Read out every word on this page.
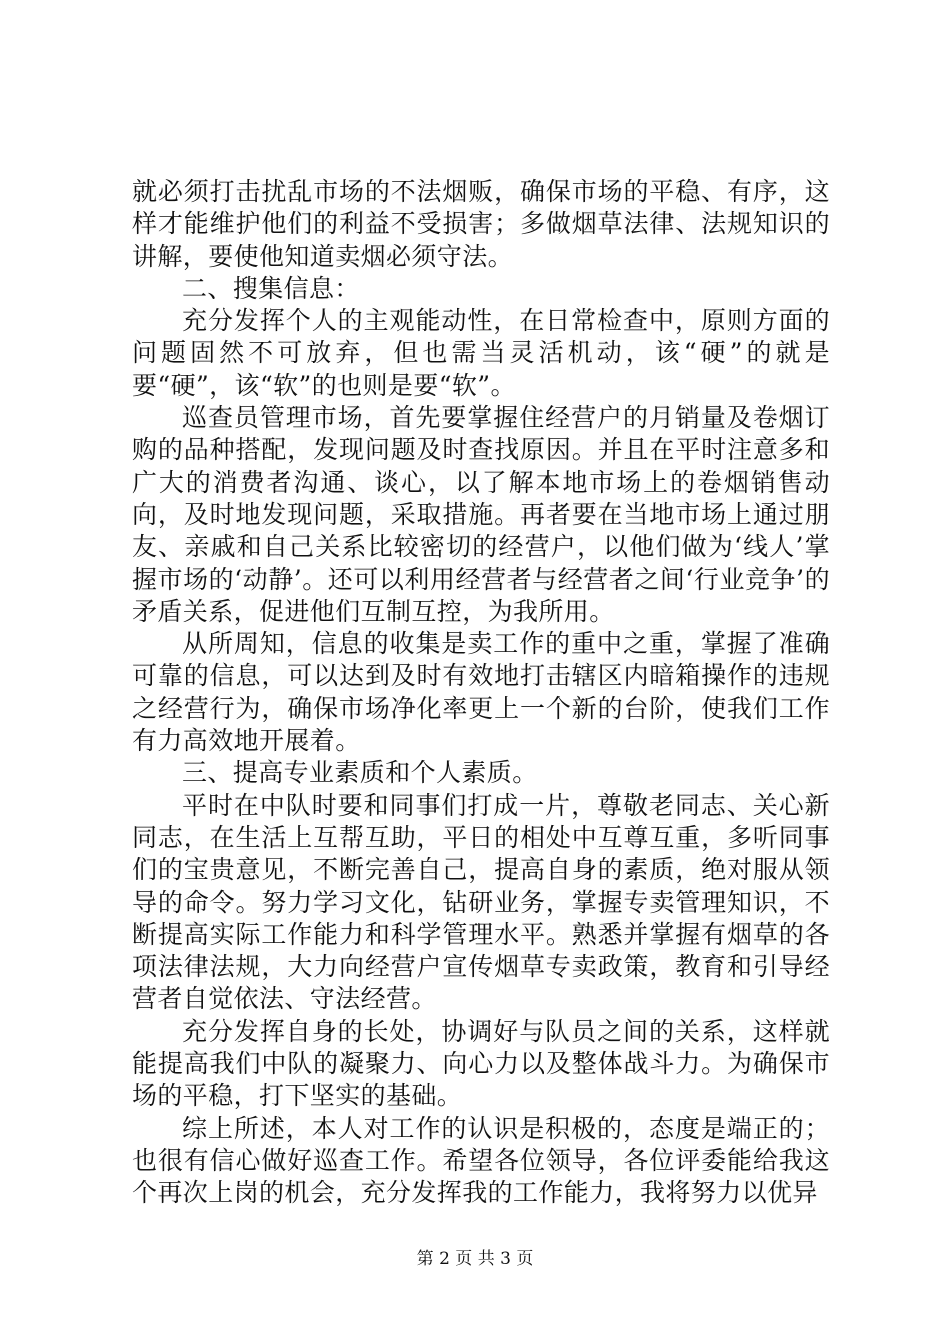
就必须打击扰乱市场的不法烟贩，确保市场的平稳、有序，这样才能维护他们的利益不受损害；多做烟草法律、法规知识的讲解，要使他知道卖烟必须守法。

二、搜集信息：

充分发挥个人的主观能动性，在日常检查中，原则方面的问题固然不可放弃，但也需当灵活机动，该“硬”的就是要“硬”，该“软”的也则是要“软”。

巡查员管理市场，首先要掌握住经营户的月销量及卷烟订购的品种搭配，发现问题及时查找原因。并且在平时注意多和广大的消费者沟通、谈心，以了解本地市场上的卷烟销售动向，及时地发现问题，采取措施。再者要在当地市场上通过朋友、亲戚和自己关系比较密切的经营户，以他们做为‘线人’掌握市场的‘动静’。还可以利用经营者与经营者之间‘行业竞争’的矛盾关系，促进他们互制互控，为我所用。

从所周知，信息的收集是卖工作的重中之重，掌握了准确可靠的信息，可以达到及时有效地打击辖区内暗箱操作的违规之经营行为，确保市场净化率更上一个新的台阶，使我们工作有力高效地开展着。

三、提高专业素质和个人素质。

平时在中队时要和同事们打成一片，尊敬老同志、关心新同志，在生活上互帮互助，平日的相处中互尊互重，多听同事们的宝贵意见，不断完善自己，提高自身的素质，绝对服从领导的命令。努力学习文化，钻研业务，掌握专卖管理知识，不断提高实际工作能力和科学管理水平。熟悉并掌握有烟草的各项法律法规，大力向经营户宣传烟草专卖政策，教育和引导经营者自觉依法、守法经营。

充分发挥自身的长处，协调好与队员之间的关系，这样就能提高我们中队的凝聚力、向心力以及整体战斗力。为确保市场的平稳，打下坚实的基础。

综上所述，本人对工作的认识是积极的，态度是端正的；也很有信心做好巡查工作。希望各位领导，各位评委能给我这个再次上岗的机会，充分发挥我的工作能力，我将努力以优异

第 2 页 共 3 页
